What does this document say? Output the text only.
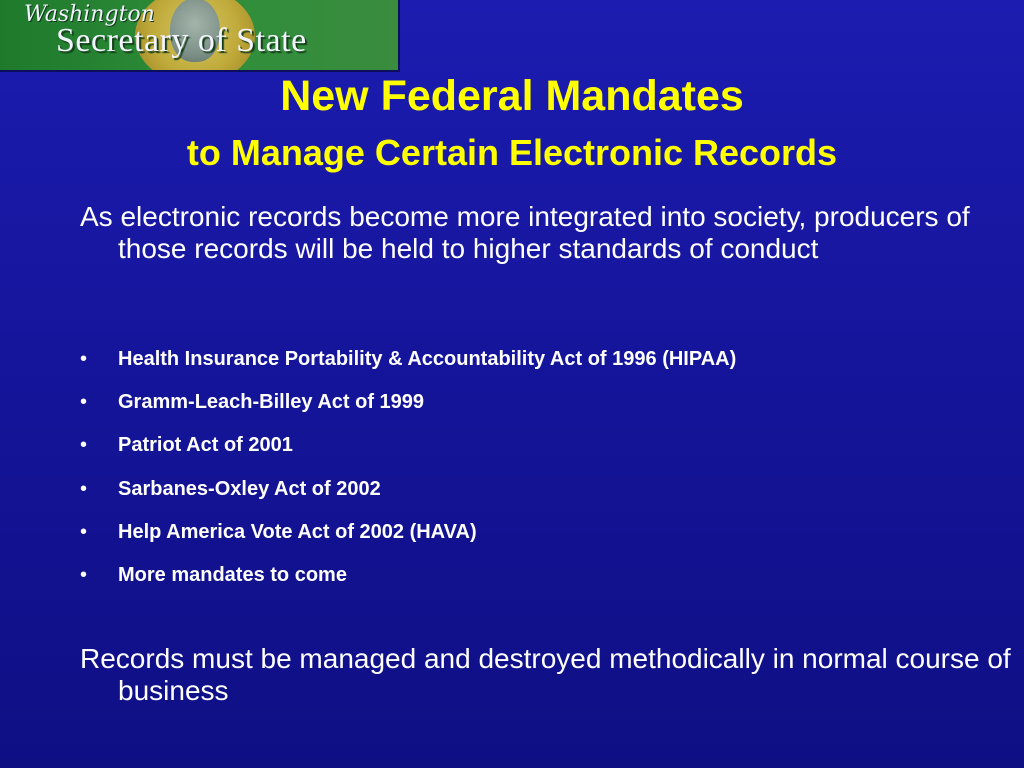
Washington
Secretary of State
New Federal Mandates
to Manage Certain Electronic Records

As electronic records become more integrated into society, producers of those records will be held to higher standards of conduct

• Health Insurance Portability & Accountability Act of 1996 (HIPAA)
• Gramm-Leach-Billey Act of 1999
• Patriot Act of 2001
• Sarbanes-Oxley Act of 2002
• Help America Vote Act of 2002 (HAVA)
• More mandates to come

Records must be managed and destroyed methodically in normal course of business
